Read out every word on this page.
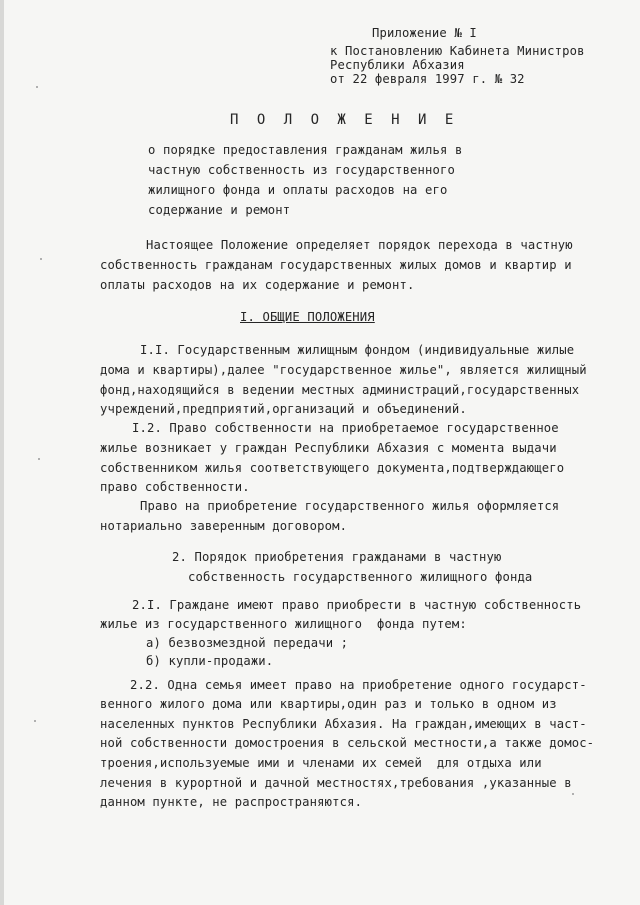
Приложение № I
к Постановлению Кабинета Министров
Республики Абхазия
от 22 февраля 1997 г. № 32
П О Л О Ж Е Н И Е
о порядке предоставления гражданам жилья в
частную собственность из государственного
жилищного фонда и оплаты расходов на его
содержание и ремонт
Настоящее Положение определяет порядок перехода в частную
собственность гражданам государственных жилых домов и квартир и
оплаты расходов на их содержание и ремонт.
I. ОБЩИЕ ПОЛОЖЕНИЯ
I.I. Государственным жилищным фондом (индивидуальные жилые
дома и квартиры),далее "государственное жилье", является жилищный
фонд,находящийся в ведении местных администраций,государственных
учреждений,предприятий,организаций и объединений.
I.2. Право собственности на приобретаемое государственное
жилье возникает у граждан Республики Абхазия с момента выдачи
собственником жилья соответствующего документа,подтверждающего
право собственности.
Право на приобретение государственного жилья оформляется
нотариально заверенным договором.
2. Порядок приобретения гражданами в частную
собственность государственного жилищного фонда
2.I. Граждане имеют право приобрести в частную собственность
жилье из государственного жилищного  фонда путем:
а) безвозмездной передачи ;
б) купли-продажи.
2.2. Одна семья имеет право на приобретение одного государст-
венного жилого дома или квартиры,один раз и только в одном из
населенных пунктов Республики Абхазия. На граждан,имеющих в част-
ной собственности домостроения в сельской местности,а также домос-
троения,используемые ими и членами их семей  для отдыха или
лечения в курортной и дачной местностях,требования ,указанные в
данном пункте, не распространяются.
